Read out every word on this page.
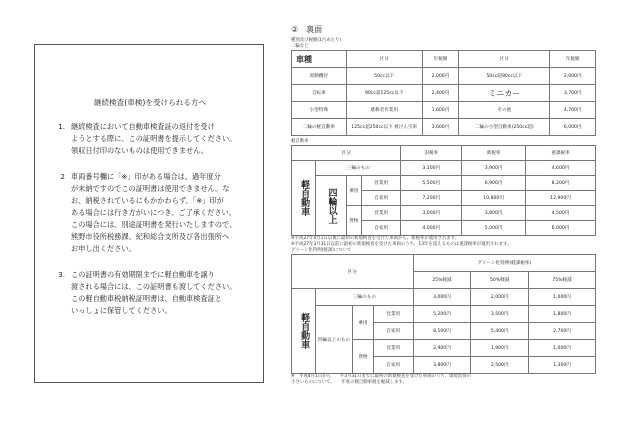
継続検査(車検)を受けられる方へ
1. 継続検査において自動車検査証の返付を受け

ようとする際に、この証明書を提示してください。

領収日付印のないものは使用できません。

2 車両番号欄に「※」印がある場合は、過年度分

が未納ですのでこの証明書は使用できません。な

お、納税されているにもかかわらず、「※」印が

ある場合には行き方がいにつき、ご了承ください。

この場合には、別途証明書を発行いたしますので、

熊野市役所税務課、紀和総合支所及び各出張所へ

お申し出ください。

3. この証明書の有効期限までに軽自動車を譲り

渡される場合には、この証明書も渡してください。

この軽自動車税納税証明書は、自動車検査証と

いっしょに保管してください。

②　裏面
種別及び税額(1台あたり)
二輪など
車種	区分	年税額	区分	年税額
原動機付	50cc以下	2,000円	50cc超90cc以下	2,000円
自転車	90cc超125cc以下	2,400円	ミニカー	3,700円
小型特殊	農耕者作業用	1,600円	その他	4,700円
二輪の軽自動車	125cc超250cc以下 被けん引車	3,600円	二輪の小型自動車(250cc超)	6,000円
軽自動車
区分				旧税率	新税率	重課税率
軽自動車	三輪のもの			3,100円	3,900円	4,600円
	四輪以上	乗用	営業用	5,500円	6,900円	8,200円
			自家用	7,200円	10,800円	12,900円
		貨物	営業用	3,000円	3,800円	4,500円
			自家用	4,000円	5,000円	6,000円
※平成27年4月1日以後に最初の新規検査を受けた車両から、新税率が適用されます。
※平成27年3月31日以前に最初の新規検査を受けた車両のうち、13年を超えるものは重課税率が適用されます。
グリーン化特例(軽課)について
区分				グリーン化特例(軽課税率)		
				25%軽減	50%軽減	75%軽減
軽自動車	三輪のもの			3,000円	2,000円	1,000円
	四輪以上のもの	乗用	営業用	5,200円	3,500円	1,800円
			自家用	8,100円	5,400円	2,700円
		貨物	営業用	2,900円	1,900円	1,000円
			自家用	3,800円	2,500円	1,300円
※　平成4月1日から　　平3月31日までに最初の新規検査を受けた車両のうち、環境負荷の
小さいものについて、　　年度の軽自動車税を軽減します。
